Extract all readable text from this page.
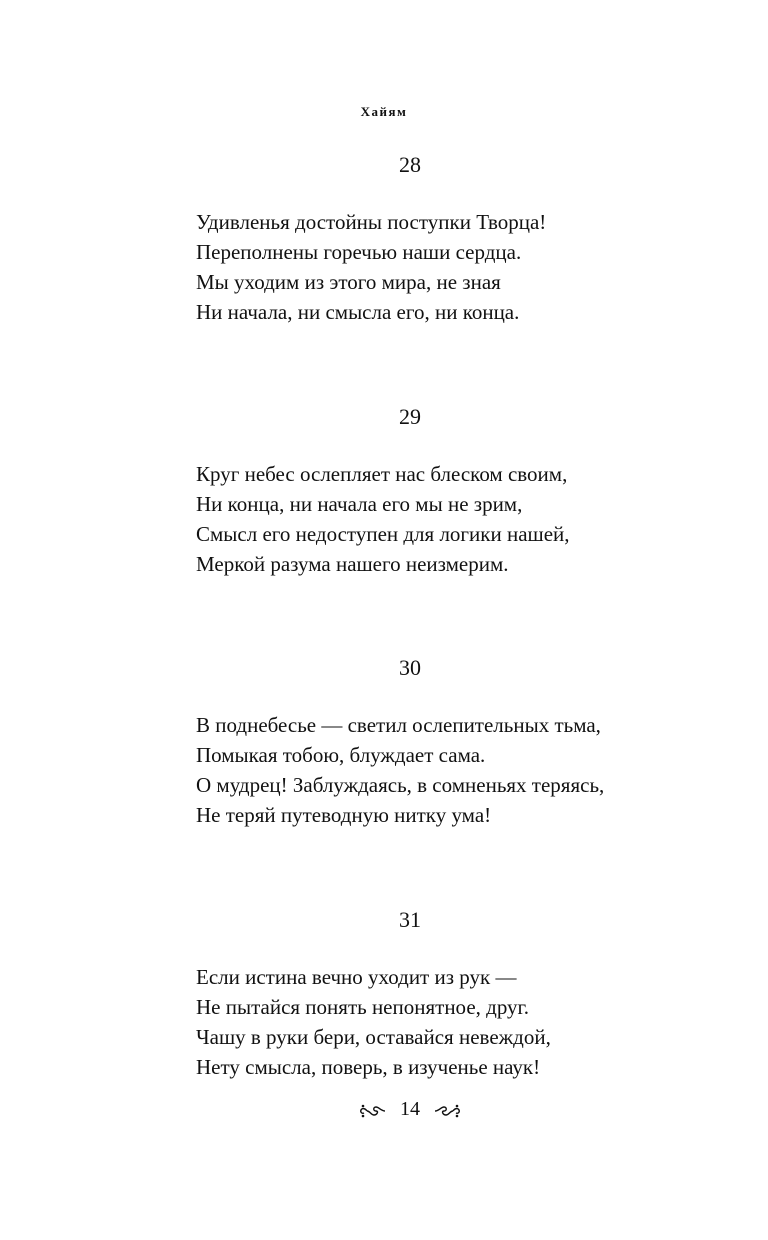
Хайям
28
Удивленья достойны поступки Творца!
Переполнены горечью наши сердца.
Мы уходим из этого мира, не зная
Ни начала, ни смысла его, ни конца.
29
Круг небес ослепляет нас блеском своим,
Ни конца, ни начала его мы не зрим,
Смысл его недоступен для логики нашей,
Меркой разума нашего неизмерим.
30
В поднебесье — светил ослепительных тьма,
Помыкая тобою, блуждает сама.
О мудрец! Заблуждаясь, в сомненьях теряясь,
Не теряй путеводную нитку ума!
31
Если истина вечно уходит из рук —
Не пытайся понять непонятное, друг.
Чашу в руки бери, оставайся невеждой,
Нету смысла, поверь, в изученье наук!
14
